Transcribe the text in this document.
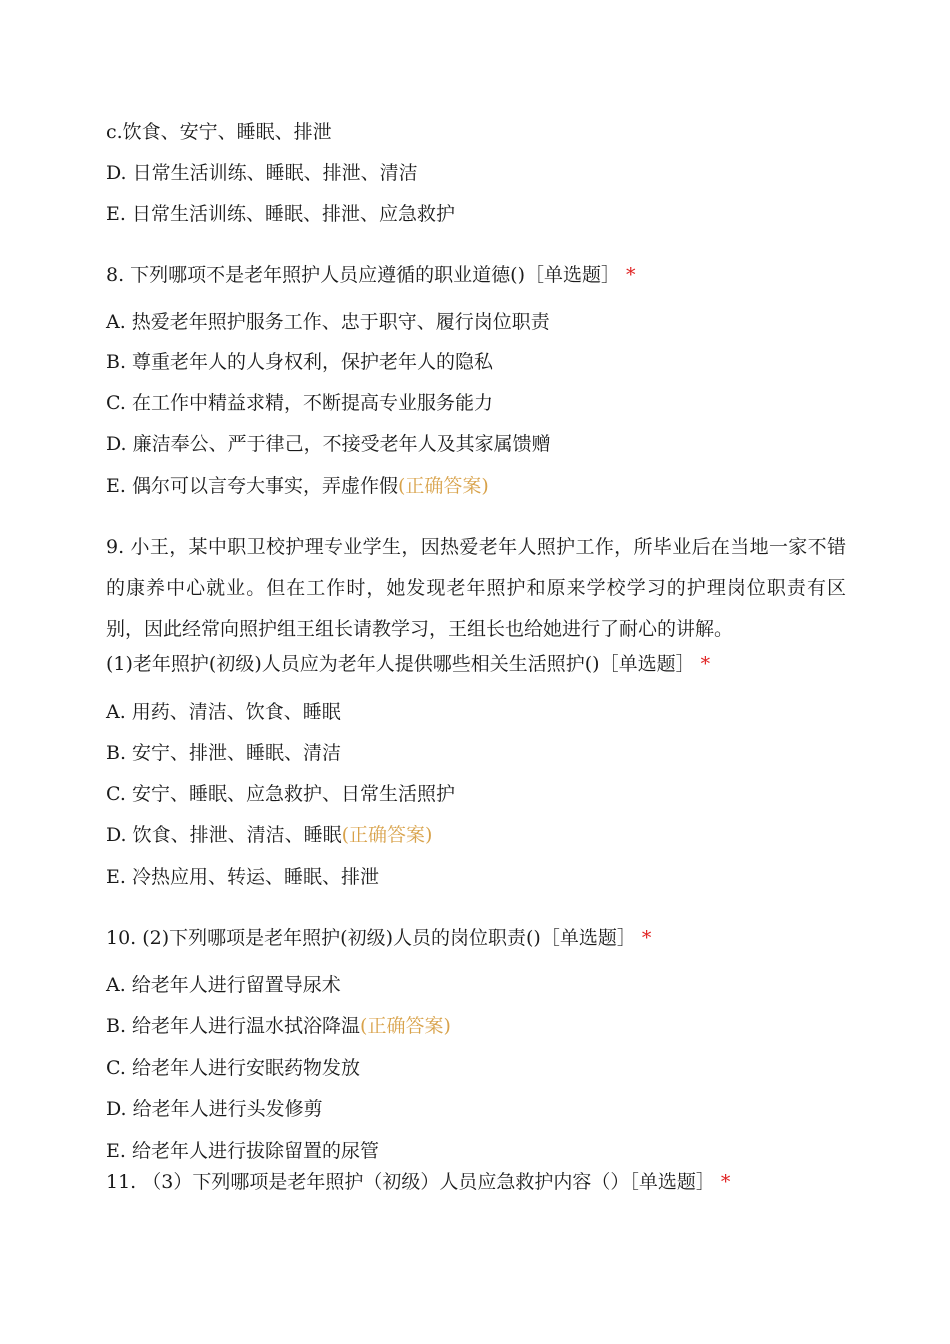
c.饮食、安宁、睡眠、排泄
D. 日常生活训练、睡眠、排泄、清洁
E. 日常生活训练、睡眠、排泄、应急救护
8. 下列哪项不是老年照护人员应遵循的职业道德()［单选题］ *
A. 热爱老年照护服务工作、忠于职守、履行岗位职责
B. 尊重老年人的人身权利，保护老年人的隐私
C. 在工作中精益求精，不断提高专业服务能力
D. 廉洁奉公、严于律己，不接受老年人及其家属馈赠
E. 偶尔可以言夸大事实，弄虚作假(正确答案)
9. 小王，某中职卫校护理专业学生，因热爱老年人照护工作，所毕业后在当地一家不错的康养中心就业。但在工作时，她发现老年照护和原来学校学习的护理岗位职责有区别，因此经常向照护组王组长请教学习，王组长也给她进行了耐心的讲解。
(1)老年照护(初级)人员应为老年人提供哪些相关生活照护()［单选题］ *
A. 用药、清洁、饮食、睡眠
B. 安宁、排泄、睡眠、清洁
C. 安宁、睡眠、应急救护、日常生活照护
D. 饮食、排泄、清洁、睡眠(正确答案)
E. 冷热应用、转运、睡眠、排泄
10. (2)下列哪项是老年照护(初级)人员的岗位职责()［单选题］ *
A. 给老年人进行留置导尿术
B. 给老年人进行温水拭浴降温(正确答案)
C. 给老年人进行安眠药物发放
D. 给老年人进行头发修剪
E. 给老年人进行拔除留置的尿管
11. （3）下列哪项是老年照护（初级）人员应急救护内容（）［单选题］ *
